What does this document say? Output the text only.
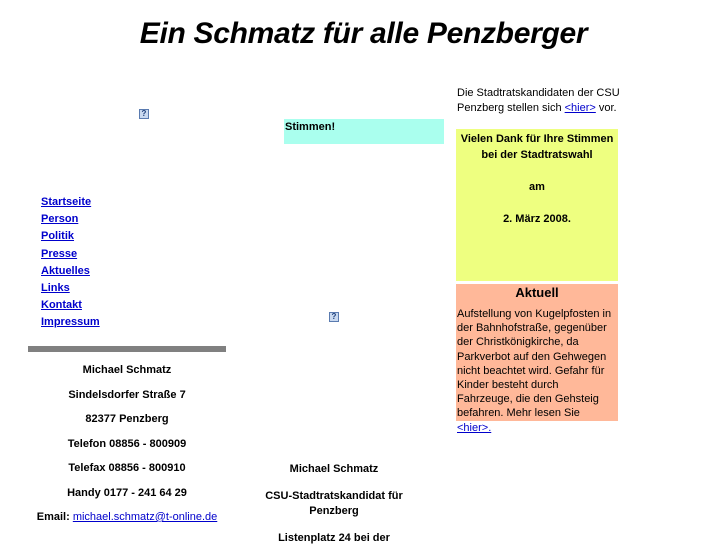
Ein Schmatz für alle Penzberger
?
Startseite
Person
Politik
Presse
Aktuelles
Links
Kontakt
Impressum
Michael Schmatz
Sindelsdorfer Straße 7
82377 Penzberg
Telefon 08856 - 800909
Telefax 08856 - 800910
Handy 0177 - 241 64 29
Email: michael.schmatz@t-online.de
Stimmen!
?

Michael Schmatz

CSU-Stadtratskandidat für Penzberg

Listenplatz 24 bei der

Die Stadtratskandidaten der CSU Penzberg stellen sich <hier> vor.

Vielen Dank für Ihre Stimmen bei der Stadtratswahl

am

2. März 2008.

Aktuell

Aufstellung von Kugelpfosten in der Bahnhofstraße, gegenüber der Christkönigkirche, da Parkverbot auf den Gehwegen nicht beachtet wird. Gefahr für Kinder besteht durch Fahrzeuge, die den Gehsteig befahren. Mehr lesen Sie <hier>.
